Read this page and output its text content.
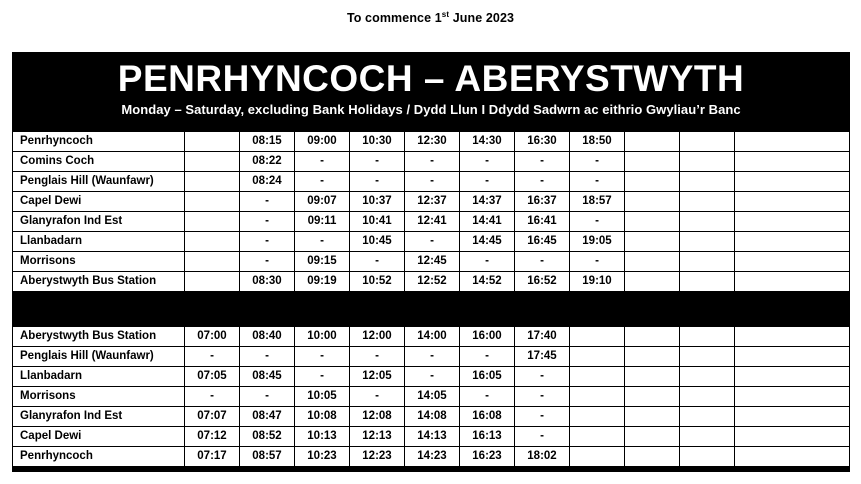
To commence 1st June 2023
PENRHYNCOCH – ABERYSTWYTH
Monday – Saturday, excluding Bank Holidays / Dydd Llun I Ddydd Sadwrn ac eithrio Gwyliau’r Banc
Penrhyncoch		08:15	09:00	10:30	12:30	14:30	16:30	18:50			
Comins Coch		08:22	-	-	-	-	-	-			
Penglais Hill (Waunfawr)		08:24	-	-	-	-	-	-			
Capel Dewi		-	09:07	10:37	12:37	14:37	16:37	18:57			
Glanyrafon Ind Est		-	09:11	10:41	12:41	14:41	16:41	-			
Llanbadarn		-	-	10:45	-	14:45	16:45	19:05			
Morrisons		-	09:15	-	12:45	-	-	-			
Aberystwyth Bus Station		08:30	09:19	10:52	12:52	14:52	16:52	19:10			
Aberystwyth Bus Station	07:00	08:40	10:00	12:00	14:00	16:00	17:40				
Penglais Hill (Waunfawr)	-	-	-	-	-	-	17:45				
Llanbadarn	07:05	08:45	-	12:05	-	16:05	-				
Morrisons	-	-	10:05	-	14:05	-	-				
Glanyrafon Ind Est	07:07	08:47	10:08	12:08	14:08	16:08	-				
Capel Dewi	07:12	08:52	10:13	12:13	14:13	16:13	-				
Penrhyncoch	07:17	08:57	10:23	12:23	14:23	16:23	18:02				
